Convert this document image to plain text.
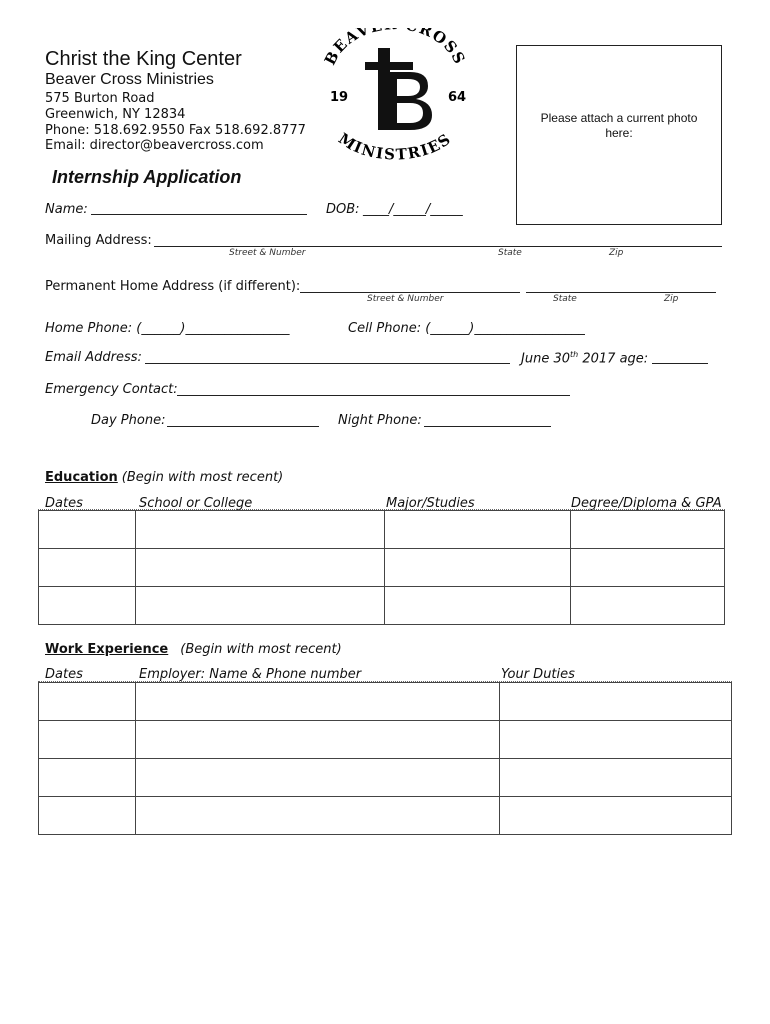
Christ the King Center
Beaver Cross Ministries
575 Burton Road
Greenwich, NY 12834
Phone: 518.692.9550 Fax 518.692.8777
Email: director@beavercross.com
BEAV ROSS
MINISTRIES
19	64
Please attach a current photo here:
Internship Application
Name:	DOB: ____/_____/_____
Mailing Address:
Street & Number	State	Zip
Permanent Home Address (if different):
Street & Number	State	Zip
Home Phone: (______)________________	Cell Phone: (______)_________________
Email Address:	June 30th 2017 age:
Emergency Contact:
Day Phone:	Night Phone:
Education (Begin with most recent)
Dates	School or College	Major/Studies	Degree/Diploma & GPA

Work Experience (Begin with most recent)
Dates	Employer: Name & Phone number	Your Duties
